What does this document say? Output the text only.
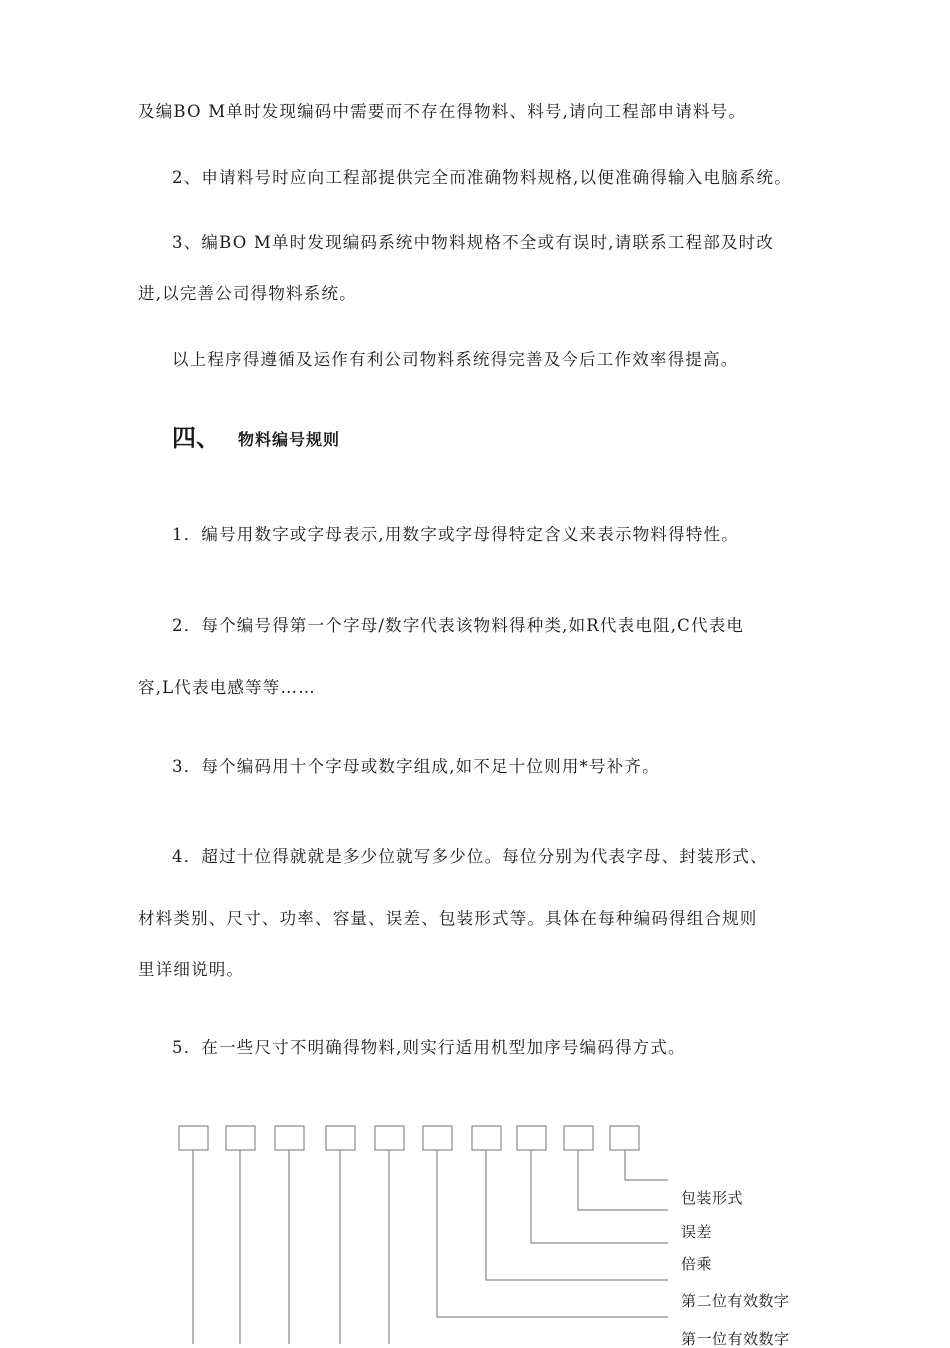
及编BO M单时发现编码中需要而不存在得物料、料号,请向工程部申请料号。
2、申请料号时应向工程部提供完全而准确物料规格,以便准确得输入电脑系统。
3、编BO M单时发现编码系统中物料规格不全或有误时,请联系工程部及时改
进,以完善公司得物料系统。
以上程序得遵循及运作有利公司物料系统得完善及今后工作效率得提高。
四、 物料编号规则
1．编号用数字或字母表示,用数字或字母得特定含义来表示物料得特性。
2．每个编号得第一个字母/数字代表该物料得种类,如R代表电阻,C代表电
容,L代表电感等等……
3．每个编码用十个字母或数字组成,如不足十位则用*号补齐。
4．超过十位得就就是多少位就写多少位。每位分别为代表字母、封装形式、
材料类别、尺寸、功率、容量、误差、包装形式等。具体在每种编码得组合规则
里详细说明。
5．在一些尺寸不明确得物料,则实行适用机型加序号编码得方式。
包装形式
误差
倍乘
第二位有效数字
第一位有效数字
